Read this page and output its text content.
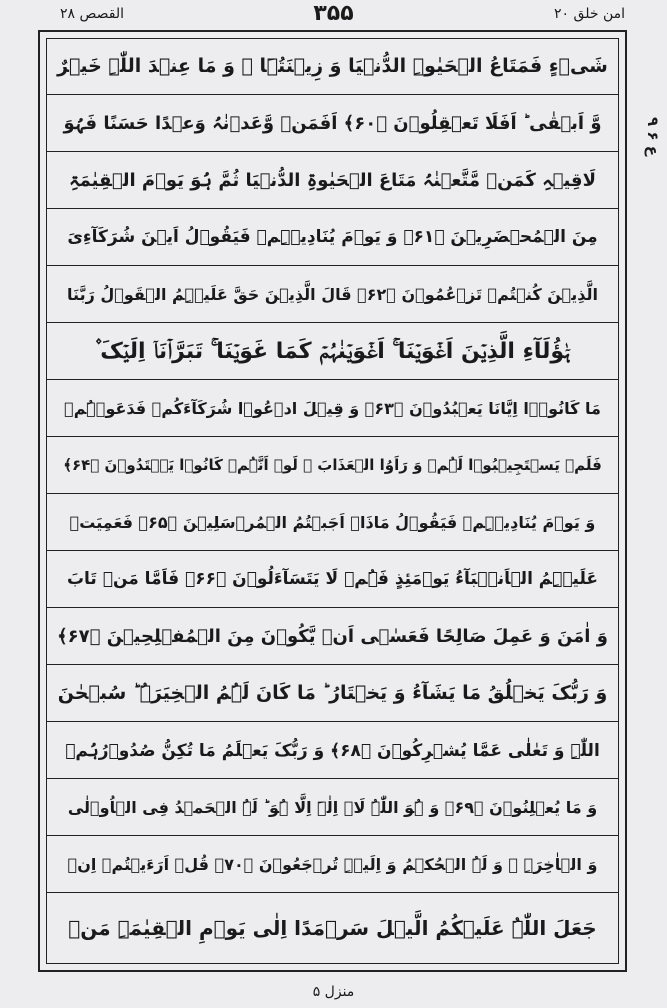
امن خلق ۲۰
۳۵۵
القصص ۲۸
شَیۡءٍ فَمَتَاعُ الۡحَیٰوۃِ الدُّنۡیَا وَ زِیۡنَتُہَا ۚ وَ مَا عِنۡدَ اللّٰہِ خَیۡرٌ
وَّ اَبۡقٰی ؕ اَفَلَا تَعۡقِلُوۡنَ ﴿۶۰﴾ اَفَمَنۡ وَّعَدۡنٰہُ وَعۡدًا حَسَنًا فَہُوَ
لَاقِیۡہِ کَمَنۡ مَّتَّعۡنٰہُ مَتَاعَ الۡحَیٰوۃِ الدُّنۡیَا ثُمَّ ہُوَ یَوۡمَ الۡقِیٰمَۃِ
مِنَ الۡمُحۡضَرِیۡنَ ﴿۶۱﴾ وَ یَوۡمَ یُنَادِیۡہِمۡ فَیَقُوۡلُ اَیۡنَ شُرَکَآءِیَ
الَّذِیۡنَ کُنۡتُمۡ تَزۡعُمُوۡنَ ﴿۶۲﴾ قَالَ الَّذِیۡنَ حَقَّ عَلَیۡہِمُ الۡقَوۡلُ رَبَّنَا
ہٰۤؤُلَآءِ الَّذِیۡنَ اَغۡوَیۡنَا ۚ اَغۡوَیۡنٰہُمۡ کَمَا غَوَیۡنَا ۚ تَبَرَّاۡنَاۤ اِلَیۡکَ ۫
مَا کَانُوۡۤا اِیَّانَا یَعۡبُدُوۡنَ ﴿۶۳﴾ وَ قِیۡلَ ادۡعُوۡا شُرَکَآءَکُمۡ فَدَعَوۡہُمۡ
فَلَمۡ یَسۡتَجِیۡبُوۡا لَہُمۡ وَ رَاَوُا الۡعَذَابَ ۚ لَوۡ اَنَّہُمۡ کَانُوۡا یَہۡتَدُوۡنَ ﴿۶۴﴾
وَ یَوۡمَ یُنَادِیۡہِمۡ فَیَقُوۡلُ مَاذَاۤ اَجَبۡتُمُ الۡمُرۡسَلِیۡنَ ﴿۶۵﴾ فَعَمِیَتۡ
عَلَیۡہِمُ الۡاَنۡۢبَآءُ یَوۡمَئِذٍ فَہُمۡ لَا یَتَسَآءَلُوۡنَ ﴿۶۶﴾ فَاَمَّا مَنۡ تَابَ
وَ اٰمَنَ وَ عَمِلَ صَالِحًا فَعَسٰۤی اَنۡ یَّکُوۡنَ مِنَ الۡمُفۡلِحِیۡنَ ﴿۶۷﴾
وَ رَبُّکَ یَخۡلُقُ مَا یَشَآءُ وَ یَخۡتَارُ ؕ مَا کَانَ لَہُمُ الۡخِیَرَۃُ ؕ سُبۡحٰنَ
اللّٰہِ وَ تَعٰلٰی عَمَّا یُشۡرِکُوۡنَ ﴿۶۸﴾ وَ رَبُّکَ یَعۡلَمُ مَا تُکِنُّ صُدُوۡرُہُمۡ
وَ مَا یُعۡلِنُوۡنَ ﴿۶۹﴾ وَ ہُوَ اللّٰہُ لَاۤ اِلٰہَ اِلَّا ہُوَ ؕ لَہُ الۡحَمۡدُ فِی الۡاُوۡلٰی
وَ الۡاٰخِرَۃِ ۫ وَ لَہُ الۡحُکۡمُ وَ اِلَیۡہِ تُرۡجَعُوۡنَ ﴿۷۰﴾ قُلۡ اَرَءَیۡتُمۡ اِنۡ
جَعَلَ اللّٰہُ عَلَیۡکُمُ الَّیۡلَ سَرۡمَدًا اِلٰی یَوۡمِ الۡقِیٰمَۃِ مَنۡ
ع ۶ ۹
منزل ۵
